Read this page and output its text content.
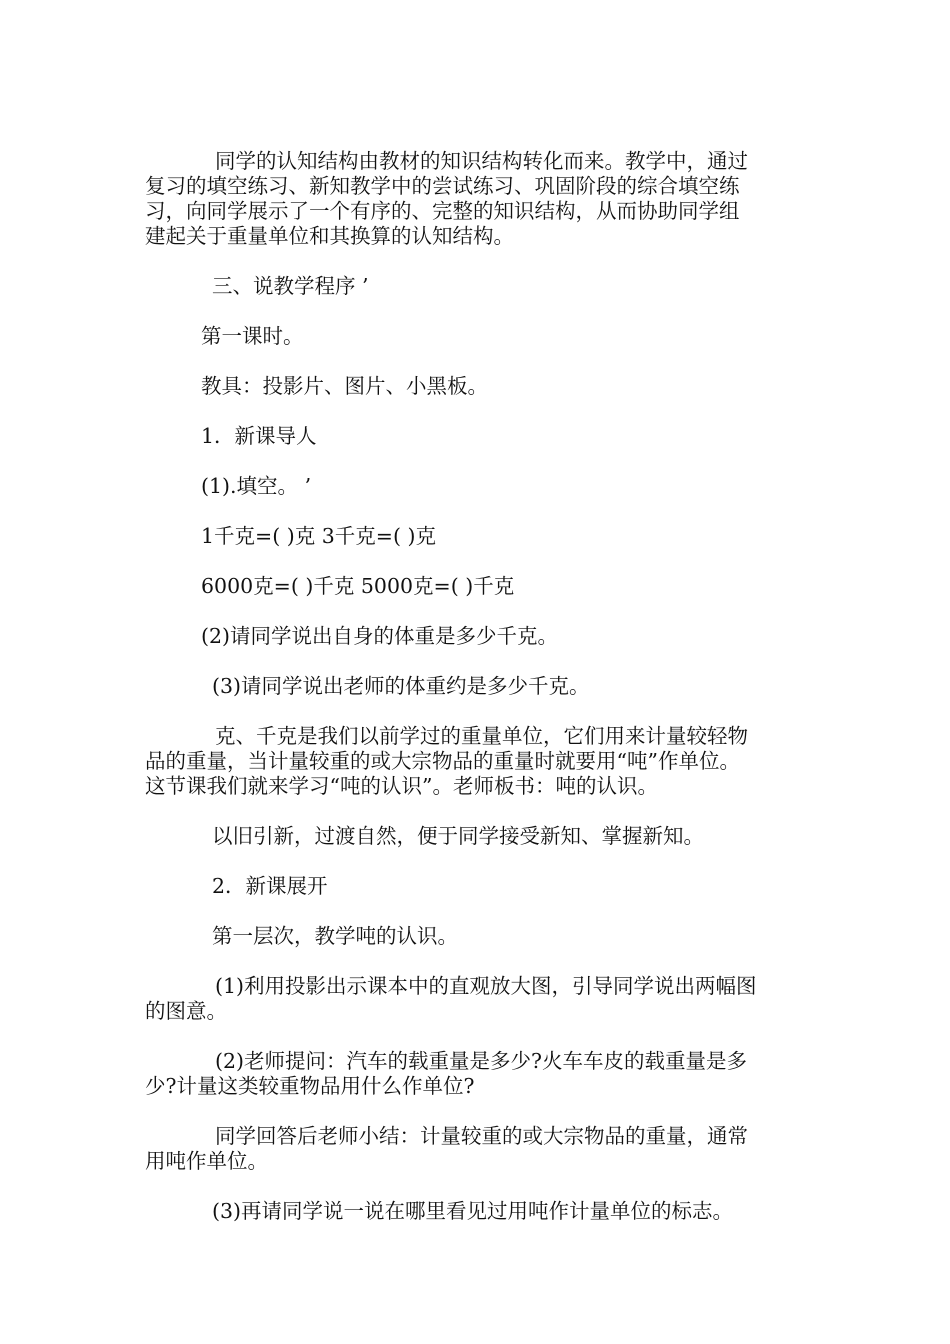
同学的认知结构由教材的知识结构转化而来。教学中，通过
复习的填空练习、新知教学中的尝试练习、巩固阶段的综合填空练
习，向同学展示了一个有序的、完整的知识结构，从而协助同学组
建起关于重量单位和其换算的认知结构。

三、说教学程序 ’

第一课时。

教具：投影片、图片、小黑板。

1．新课导人

(1).填空。 ’

1千克=( )克 3千克=( )克

6000克=( )千克 5000克=( )千克

(2)请同学说出自身的体重是多少千克。

(3)请同学说出老师的体重约是多少千克。

克、千克是我们以前学过的重量单位，它们用来计量较轻物
品的重量，当计量较重的或大宗物品的重量时就要用“吨”作单位。
这节课我们就来学习“吨的认识”。老师板书：吨的认识。

以旧引新，过渡自然，便于同学接受新知、掌握新知。

2．新课展开

第一层次，教学吨的认识。

(1)利用投影出示课本中的直观放大图，引导同学说出两幅图
的图意。
(2)老师提问：汽车的载重量是多少?火车车皮的载重量是多
少?计量这类较重物品用什么作单位?
同学回答后老师小结：计量较重的或大宗物品的重量，通常
用吨作单位。

(3)再请同学说一说在哪里看见过用吨作计量单位的标志。
